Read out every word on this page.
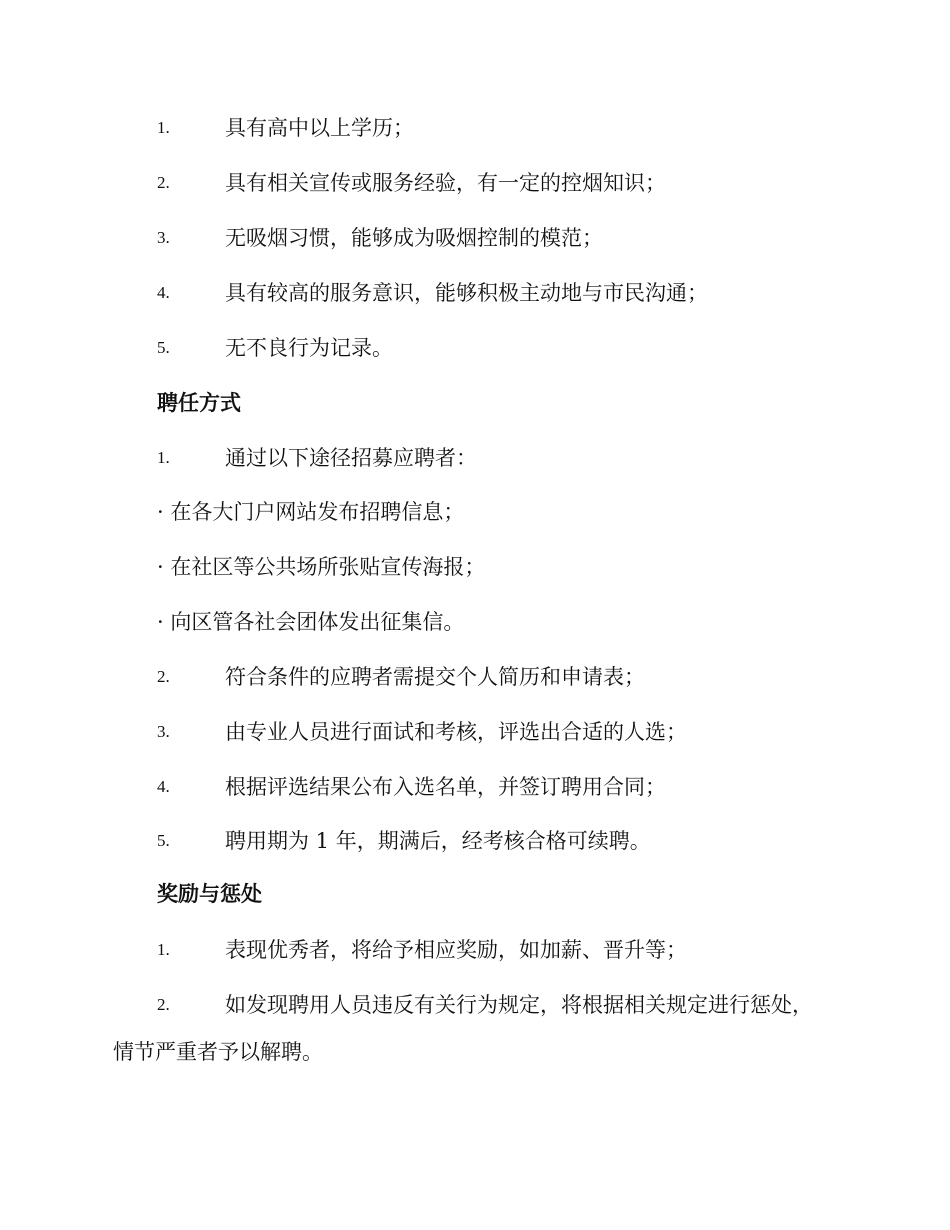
1.	具有高中以上学历；
2.	具有相关宣传或服务经验，有一定的控烟知识；
3.	无吸烟习惯，能够成为吸烟控制的模范；
4.	具有较高的服务意识，能够积极主动地与市民沟通；
5.	无不良行为记录。
聘任方式
1.	通过以下途径招募应聘者：
· 在各大门户网站发布招聘信息；
· 在社区等公共场所张贴宣传海报；
· 向区管各社会团体发出征集信。
2.	符合条件的应聘者需提交个人简历和申请表；
3.	由专业人员进行面试和考核，评选出合适的人选；
4.	根据评选结果公布入选名单，并签订聘用合同；
5.	聘用期为 1 年，期满后，经考核合格可续聘。
奖励与惩处
1.	表现优秀者，将给予相应奖励，如加薪、晋升等；
2.	如发现聘用人员违反有关行为规定，将根据相关规定进行惩处，
情节严重者予以解聘。
